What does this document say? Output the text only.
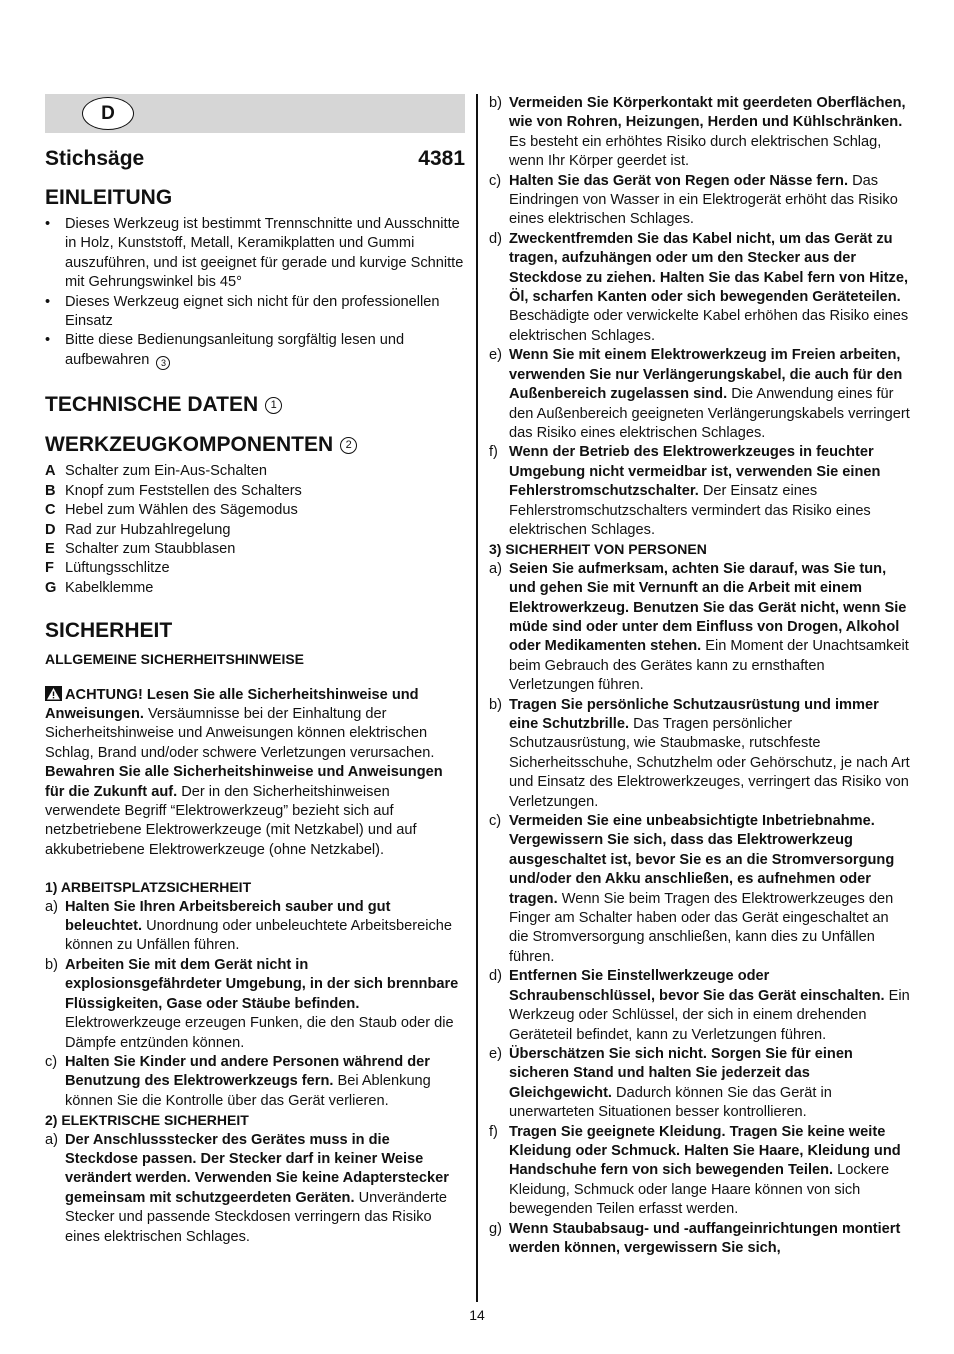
D
Stichsäge	4381
EINLEITUNG
•	Dieses Werkzeug ist bestimmt Trennschnitte und Ausschnitte in Holz, Kunststoff, Metall, Keramikplatten und Gummi auszuführen, und ist geeignet für gerade und kurvige Schnitte mit Gehrungswinkel bis 45°
•	Dieses Werkzeug eignet sich nicht für den professionellen Einsatz
•	Bitte diese Bedienungsanleitung sorgfältig lesen und aufbewahren 3
TECHNISCHE DATEN	1
WERKZEUGKOMPONENTEN	2
A Schalter zum Ein-Aus-Schalten
B Knopf zum Feststellen des Schalters
C Hebel zum Wählen des Sägemodus
D Rad zur Hubzahlregelung
E Schalter zum Staubblasen
F Lüftungsschlitze
G Kabelklemme
SICHERHEIT
ALLGEMEINE SICHERHEITSHINWEISE
ACHTUNG! Lesen Sie alle Sicherheitshinweise und Anweisungen. Versäumnisse bei der Einhaltung der Sicherheitshinweise und Anweisungen können elektrischen Schlag, Brand und/oder schwere Verletzungen verursachen. Bewahren Sie alle Sicherheitshinweise und Anweisungen für die Zukunft auf. Der in den Sicherheitshinweisen verwendete Begriff “Elektrowerkzeug” bezieht sich auf netzbetriebene Elektrowerkzeuge (mit Netzkabel) und auf akkubetriebene Elektrowerkzeuge (ohne Netzkabel).
1) ARBEITSPLATZSICHERHEIT
a) Halten Sie Ihren Arbeitsbereich sauber und gut beleuchtet. Unordnung oder unbeleuchtete Arbeitsbereiche können zu Unfällen führen.
b) Arbeiten Sie mit dem Gerät nicht in explosionsgefährdeter Umgebung, in der sich brennbare Flüssigkeiten, Gase oder Stäube befinden. Elektrowerkzeuge erzeugen Funken, die den Staub oder die Dämpfe entzünden können.
c) Halten Sie Kinder und andere Personen während der Benutzung des Elektrowerkzeugs fern. Bei Ablenkung können Sie die Kontrolle über das Gerät verlieren.
2) ELEKTRISCHE SICHERHEIT
a) Der Anschlussstecker des Gerätes muss in die Steckdose passen. Der Stecker darf in keiner Weise verändert werden. Verwenden Sie keine Adapterstecker gemeinsam mit schutzgeerdeten Geräten. Unveränderte Stecker und passende Steckdosen verringern das Risiko eines elektrischen Schlages.
b) Vermeiden Sie Körperkontakt mit geerdeten Oberflächen, wie von Rohren, Heizungen, Herden und Kühlschränken. Es besteht ein erhöhtes Risiko durch elektrischen Schlag, wenn Ihr Körper geerdet ist.
c) Halten Sie das Gerät von Regen oder Nässe fern. Das Eindringen von Wasser in ein Elektrogerät erhöht das Risiko eines elektrischen Schlages.
d) Zweckentfremden Sie das Kabel nicht, um das Gerät zu tragen, aufzuhängen oder um den Stecker aus der Steckdose zu ziehen. Halten Sie das Kabel fern von Hitze, Öl, scharfen Kanten oder sich bewegenden Geräteteilen. Beschädigte oder verwickelte Kabel erhöhen das Risiko eines elektrischen Schlages.
e) Wenn Sie mit einem Elektrowerkzeug im Freien arbeiten, verwenden Sie nur Verlängerungskabel, die auch für den Außenbereich zugelassen sind. Die Anwendung eines für den Außenbereich geeigneten Verlängerungskabels verringert das Risiko eines elektrischen Schlages.
f) Wenn der Betrieb des Elektrowerkzeuges in feuchter Umgebung nicht vermeidbar ist, verwenden Sie einen Fehlerstromschutzschalter. Der Einsatz eines Fehlerstromschutzschalters vermindert das Risiko eines elektrischen Schlages.
3) SICHERHEIT VON PERSONEN
a) Seien Sie aufmerksam, achten Sie darauf, was Sie tun, und gehen Sie mit Vernunft an die Arbeit mit einem Elektrowerkzeug. Benutzen Sie das Gerät nicht, wenn Sie müde sind oder unter dem Einfluss von Drogen, Alkohol oder Medikamenten stehen. Ein Moment der Unachtsamkeit beim Gebrauch des Gerätes kann zu ernsthaften Verletzungen führen.
b) Tragen Sie persönliche Schutzausrüstung und immer eine Schutzbrille. Das Tragen persönlicher Schutzausrüstung, wie Staubmaske, rutschfeste Sicherheitsschuhe, Schutzhelm oder Gehörschutz, je nach Art und Einsatz des Elektrowerkzeuges, verringert das Risiko von Verletzungen.
c) Vermeiden Sie eine unbeabsichtigte Inbetriebnahme. Vergewissern Sie sich, dass das Elektrowerkzeug ausgeschaltet ist, bevor Sie es an die Stromversorgung und/oder den Akku anschließen, es aufnehmen oder tragen. Wenn Sie beim Tragen des Elektrowerkzeuges den Finger am Schalter haben oder das Gerät eingeschaltet an die Stromversorgung anschließen, kann dies zu Unfällen führen.
d) Entfernen Sie Einstellwerkzeuge oder Schraubenschlüssel, bevor Sie das Gerät einschalten. Ein Werkzeug oder Schlüssel, der sich in einem drehenden Geräteteil befindet, kann zu Verletzungen führen.
e) Überschätzen Sie sich nicht. Sorgen Sie für einen sicheren Stand und halten Sie jederzeit das Gleichgewicht. Dadurch können Sie das Gerät in unerwarteten Situationen besser kontrollieren.
f) Tragen Sie geeignete Kleidung. Tragen Sie keine weite Kleidung oder Schmuck. Halten Sie Haare, Kleidung und Handschuhe fern von sich bewegenden Teilen. Lockere Kleidung, Schmuck oder lange Haare können von sich bewegenden Teilen erfasst werden.
g) Wenn Staubabsaug- und -auffangeinrichtungen montiert werden können, vergewissern Sie sich,
14
